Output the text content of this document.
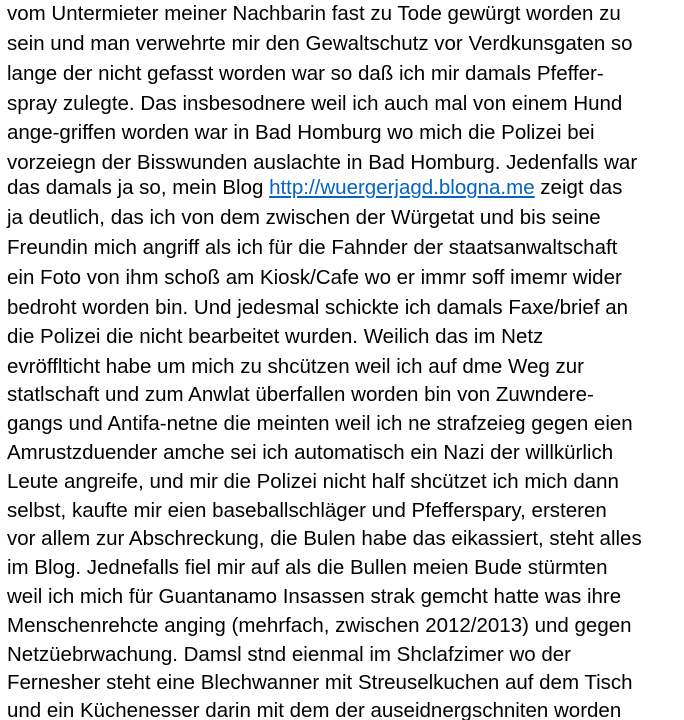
vom Untermieter meiner Nachbarin fast zu Tode gewürgt worden zu
sein und man verwehrte mir den Gewaltschutz vor Verdkunsgaten so
lange der nicht gefasst worden war so daß ich mir damals Pfeffer-
spray zulegte. Das insbesodnere weil ich auch mal von einem Hund
ange-griffen worden war in Bad Homburg wo mich die Polizei bei
vorzeiegn der Bisswunden auslachte in Bad Homburg. Jedenfalls war
das damals ja so, mein Blog http://wuergerjagd.blogna.me zeigt das
ja deutlich, das ich von dem zwischen der Würgetat und bis seine
Freundin mich angriff als ich für die Fahnder der staatsanwaltschaft
ein Foto von ihm schoß am Kiosk/Cafe wo er immr soff imemr wider
bedroht worden bin. Und jedesmal schickte ich damals Faxe/brief an
die Polizei die nicht bearbeitet wurden. Weilich das im Netz
evröfflticht habe um mich zu shcützen weil ich auf dme Weg zur
statlschaft und zum Anwlat überfallen worden bin von Zuwndere-
gangs und Antifa-netne die meinten weil ich ne strafzeieg gegen eien
Amrustzduender amche sei ich automatisch ein Nazi der willkürlich
Leute angreife, und mir die Polizei nicht half shcützet ich mich dann
selbst, kaufte mir eien baseballschläger und Pfefferspary, ersteren
vor allem zur Abschreckung, die Bulen habe das eikassiert, steht alles
im Blog. Jednefalls fiel mir auf als die Bullen meien Bude stürmten
weil ich mich für Guantanamo Insassen strak gemcht hatte was ihre
Menschenrehcte anging (mehrfach, zwischen 2012/2013) und gegen
Netzüebrwachung. Damsl stnd eienmal im Shclafzimer wo der
Fernesher steht eine Blechwanner mit Streuselkuchen auf dem Tisch
und ein Küchenesser darin mit dem der auseidnergschniten worden
